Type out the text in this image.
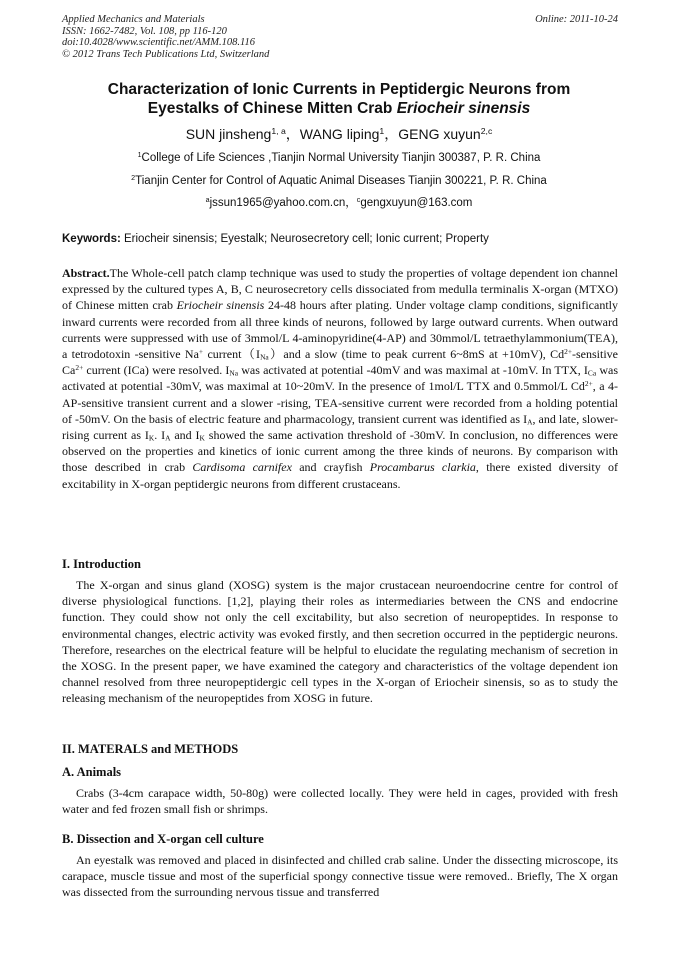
Applied Mechanics and Materials
ISSN: 1662-7482, Vol. 108, pp 116-120
doi:10.4028/www.scientific.net/AMM.108.116
© 2012 Trans Tech Publications Ltd, Switzerland
Online: 2011-10-24
Characterization of Ionic Currents in Peptidergic Neurons from
Eyestalks of Chinese Mitten Crab Eriocheir sinensis
SUN jinsheng$^{1, a}$，WANG liping$^1$，GENG xuyun$^{2,c}$
$^1$College of Life Sciences ,Tianjin Normal University Tianjin 300387, P. R. China
$^2$Tianjin Center for Control of Aquatic Animal Diseases Tianjin 300221, P. R. China
$^a$jssun1965@yahoo.com.cn，$^c$gengxuyun@163.com
Keywords: Eriocheir sinensis; Eyestalk; Neurosecretory cell; Ionic current; Property

Abstract.The Whole-cell patch clamp technique was used to study the properties of voltage dependent ion channel expressed by the cultured types A, B, C neurosecretory cells dissociated from medulla terminalis X-organ (MTXO) of Chinese mitten crab Eriocheir sinensis 24-48 hours after plating. Under voltage clamp conditions, significantly inward currents were recorded from all three kinds of neurons, followed by large outward currents. When outward currents were suppressed with use of 3mmol/L 4-aminopyridine(4-AP) and 30mmol/L tetraethylammonium(TEA), a tetrodotoxin -sensitive Na+ $current(I_{Na})and$ a slow (time to peak current 6~8mS at +10mV), $Cd^{2+}$-sensitive $Ca^{2+}$ current (ICa) were resolved. $I_{Na}$ was activated at potential -40mV and was maximal at -10mV. In TTX, $I_{Ca}$ was activated at potential -30mV, was maximal at 10~20mV. In the presence of 1mol/L TTX and 0.5mmol/L $Cd^{2+}$, a 4-AP-sensitive transient current and a slower -rising, TEA-sensitive current were recorded from a holding potential of -50mV. On the basis of electric feature and pharmacology, transient current was identified as $I_A$, and late, slower-rising current as $I_K$. $I_A$ and $I_K$ showed the same activation threshold of -30mV. In conclusion, no differences were observed on the properties and kinetics of ionic current among the three kinds of neurons. By comparison with those described in crab Cardisoma carnifex and crayfish Procambarus clarkia, there existed diversity of excitability in X-organ peptidergic neurons from different crustaceans.

I. Introduction
The X-organ and sinus gland (XOSG) system is the major crustacean neuroendocrine centre for control of diverse physiological functions. [1,2], playing their roles as intermediaries between the CNS and endocrine function. They could show not only the cell excitability, but also secretion of neuropeptides. In response to environmental changes, electric activity was evoked firstly, and then secretion occurred in the peptidergic neurons. Therefore, researches on the electrical feature will be helpful to elucidate the regulating mechanism of secretion in the XOSG. In the present paper, we have examined the category and characteristics of the voltage dependent ion channel resolved from three neuropeptidergic cell types in the X-organ of Eriocheir sinensis, so as to study the releasing mechanism of the neuropeptides from XOSG in future.
II. MATERALS and METHODS
A. Animals
Crabs (3-4cm carapace width, 50-80g) were collected locally. They were held in cages, provided with fresh water and fed frozen small fish or shrimps.
B. Dissection and X-organ cell culture
An eyestalk was removed and placed in disinfected and chilled crab saline. Under the dissecting microscope, its carapace, muscle tissue and most of the superficial spongy connective tissue were removed.. Briefly, The X organ was dissected from the surrounding nervous tissue and transferred
